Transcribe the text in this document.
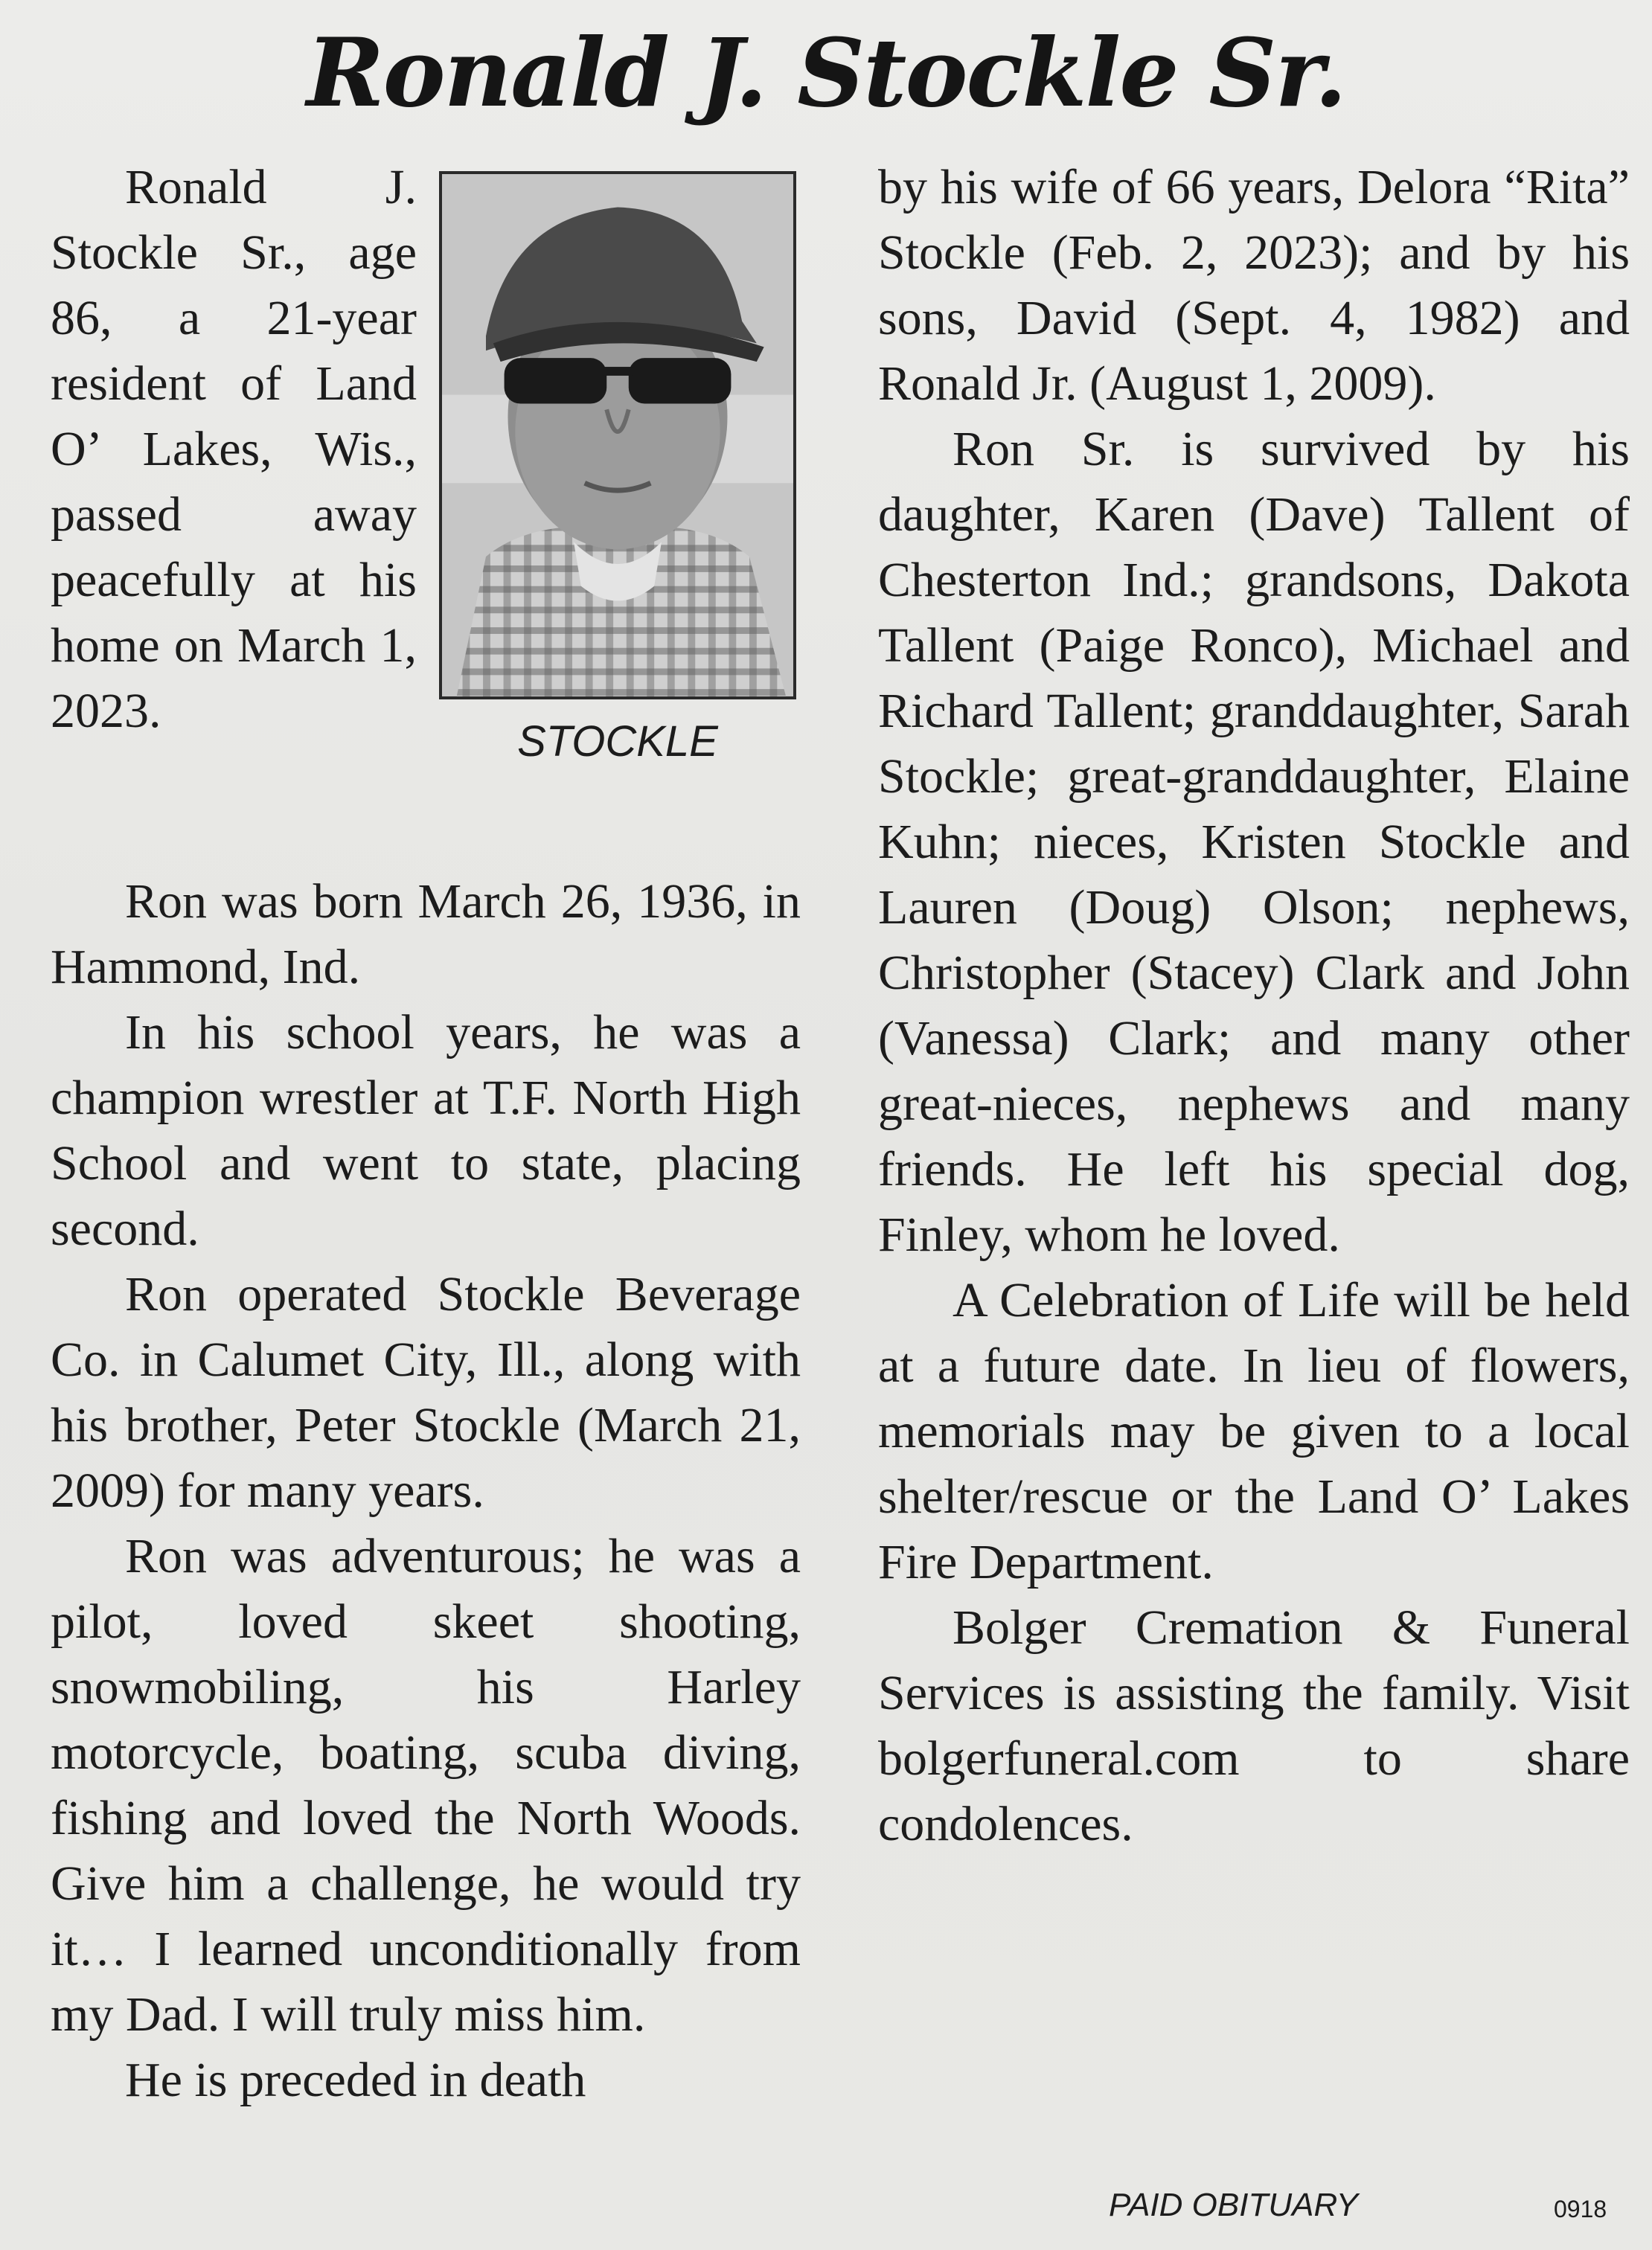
Ronald J. Stockle Sr.

Ronald J. Stockle Sr., age 86, a 21-year resident of Land O’ Lakes, Wis., passed away peacefully at his home on March 1, 2023.

STOCKLE

Ron was born March 26, 1936, in Hammond, Ind.

In his school years, he was a champion wrestler at T.F. North High School and went to state, placing second.

Ron operated Stockle Beverage Co. in Calumet City, Ill., along with his brother, Peter Stockle (March 21, 2009) for many years.

Ron was adventurous; he was a pilot, loved skeet shooting, snowmobiling, his Harley motorcycle, boating, scuba diving, fishing and loved the North Woods. Give him a challenge, he would try it… I learned unconditionally from my Dad. I will truly miss him.

He is preceded in death

by his wife of 66 years, Delora “Rita” Stockle (Feb. 2, 2023); and by his sons, David (Sept. 4, 1982) and Ronald Jr. (August 1, 2009).

Ron Sr. is survived by his daughter, Karen (Dave) Tallent of Chesterton Ind.; grandsons, Dakota Tallent (Paige Ronco), Michael and Richard Tallent; granddaughter, Sarah Stockle; great-granddaughter, Elaine Kuhn; nieces, Kristen Stockle and Lauren (Doug) Olson; nephews, Christopher (Stacey) Clark and John (Vanessa) Clark; and many other great-nieces, nephews and many friends. He left his special dog, Finley, whom he loved.

A Celebration of Life will be held at a future date. In lieu of flowers, memorials may be given to a local shelter/rescue or the Land O’ Lakes Fire Department.

Bolger Cremation & Funeral Services is assisting the family. Visit bolgerfuneral.com to share condolences.

PAID OBITUARY	0918
